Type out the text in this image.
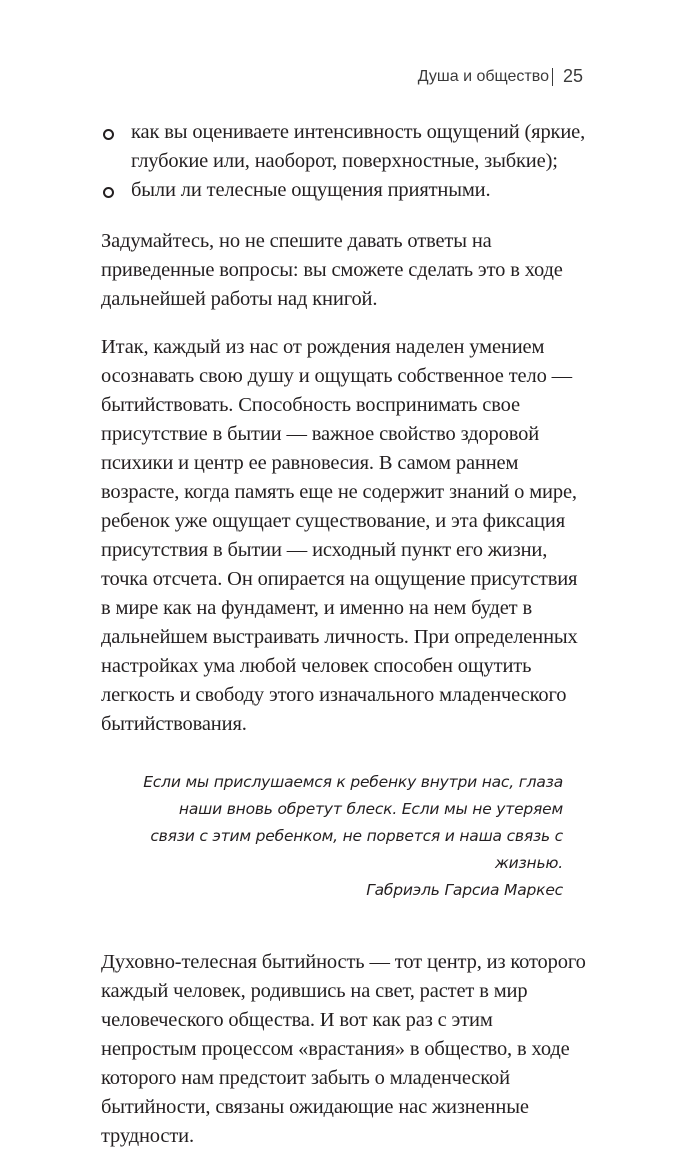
Душа и общество 25
как вы оцениваете интенсивность ощущений (яркие, глубокие или, наоборот, поверхностные, зыбкие);
были ли телесные ощущения приятными.

Задумайтесь, но не спешите давать ответы на приведенные вопросы: вы сможете сделать это в ходе дальнейшей работы над книгой.

Итак, каждый из нас от рождения наделен умением осознавать свою душу и ощущать собственное тело — бытийствовать. Способность воспринимать свое присутствие в бытии — важное свойство здоровой психики и центр ее равновесия. В самом раннем возрасте, когда память еще не содержит знаний о мире, ребенок уже ощущает существование, и эта фиксация присутствия в бытии — исходный пункт его жизни, точка отсчета. Он опирается на ощущение присутствия в мире как на фундамент, и именно на нем будет в дальнейшем выстраивать личность. При определенных настройках ума любой человек способен ощутить легкость и свободу этого изначального младенческого бытийствования.

Если мы прислушаемся к ребенку внутри нас, глаза наши вновь обретут блеск. Если мы не утеряем связи с этим ребенком, не порвется и наша связь с жизнью.
Габриэль Гарсиа Маркес

Духовно-телесная бытийность — тот центр, из которого каждый человек, родившись на свет, растет в мир человеческого общества. И вот как раз с этим непростым процессом «врастания» в общество, в ходе которого нам предстоит забыть о младенческой бытийности, связаны ожидающие нас жизненные трудности.
